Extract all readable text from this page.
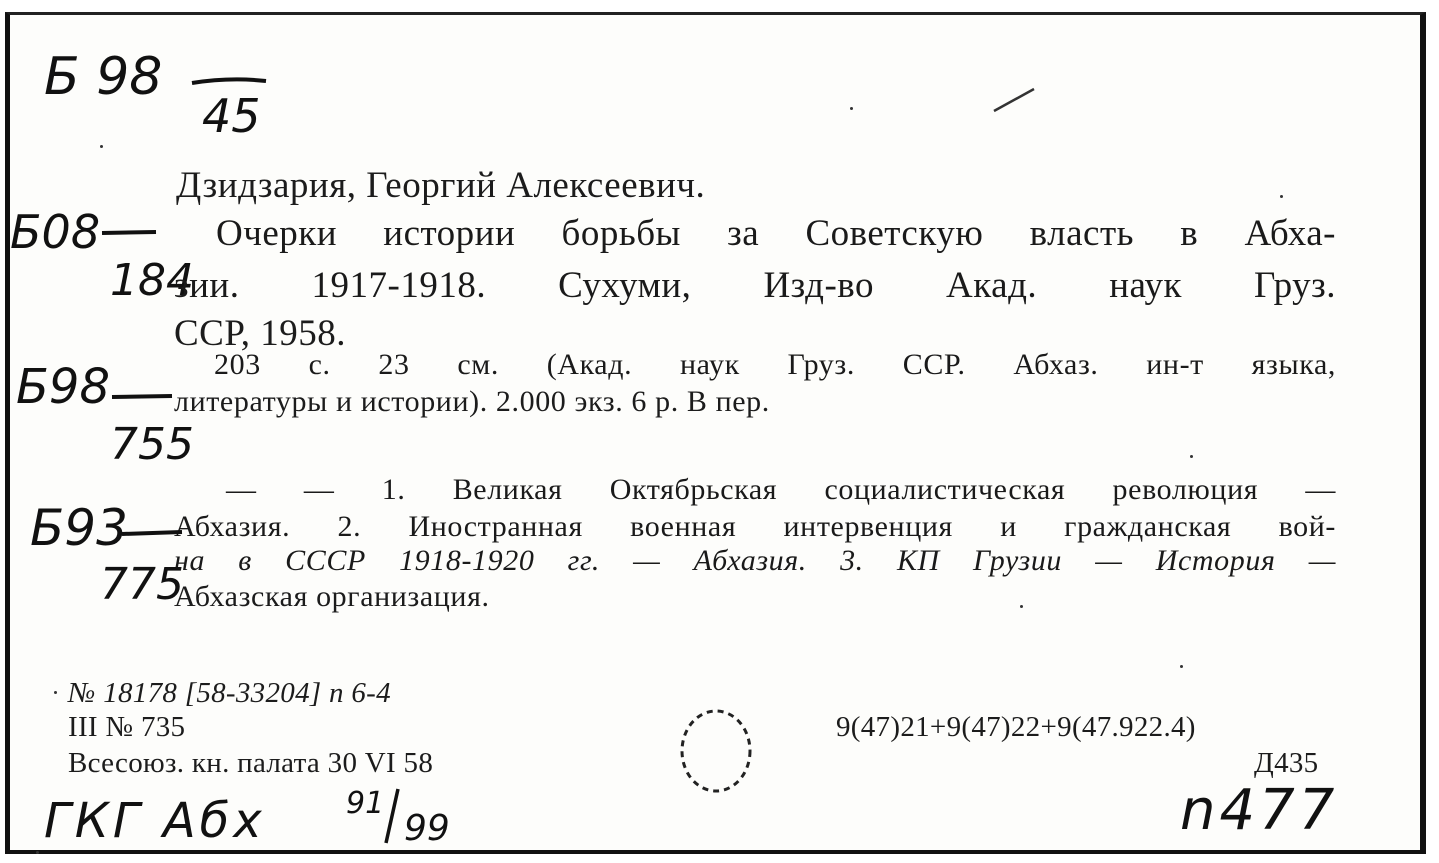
Б 98
45
Дзидзария, Георгий Алексеевич.
Б08
184
Очерки истории борьбы за Советскую власть в Абха-
зии. 1917-1918. Сухуми, Изд-во Акад. наук Груз.
ССР, 1958.
Б98
755
203 с. 23 см. (Акад. наук Груз. ССР. Абхаз. ин-т языка,
литературы и истории). 2.000 экз. 6 р. В пер.
— — 1. Великая Октябрьская социалистическая революция —
Абхазия. 2. Иностранная военная интервенция и гражданская вой-
на в СССР 1918-1920 гг. — Абхазия. 3. КП Грузии — История —
Абхазская организация.
Б93
775
№ 18178 [58-33204] п 6-4
III № 735
Всесоюз. кн. палата 30 VI 58
9(47)21+9(47)22+9(47.922.4)
Д435
ГКГ Абх	91
99	n477
